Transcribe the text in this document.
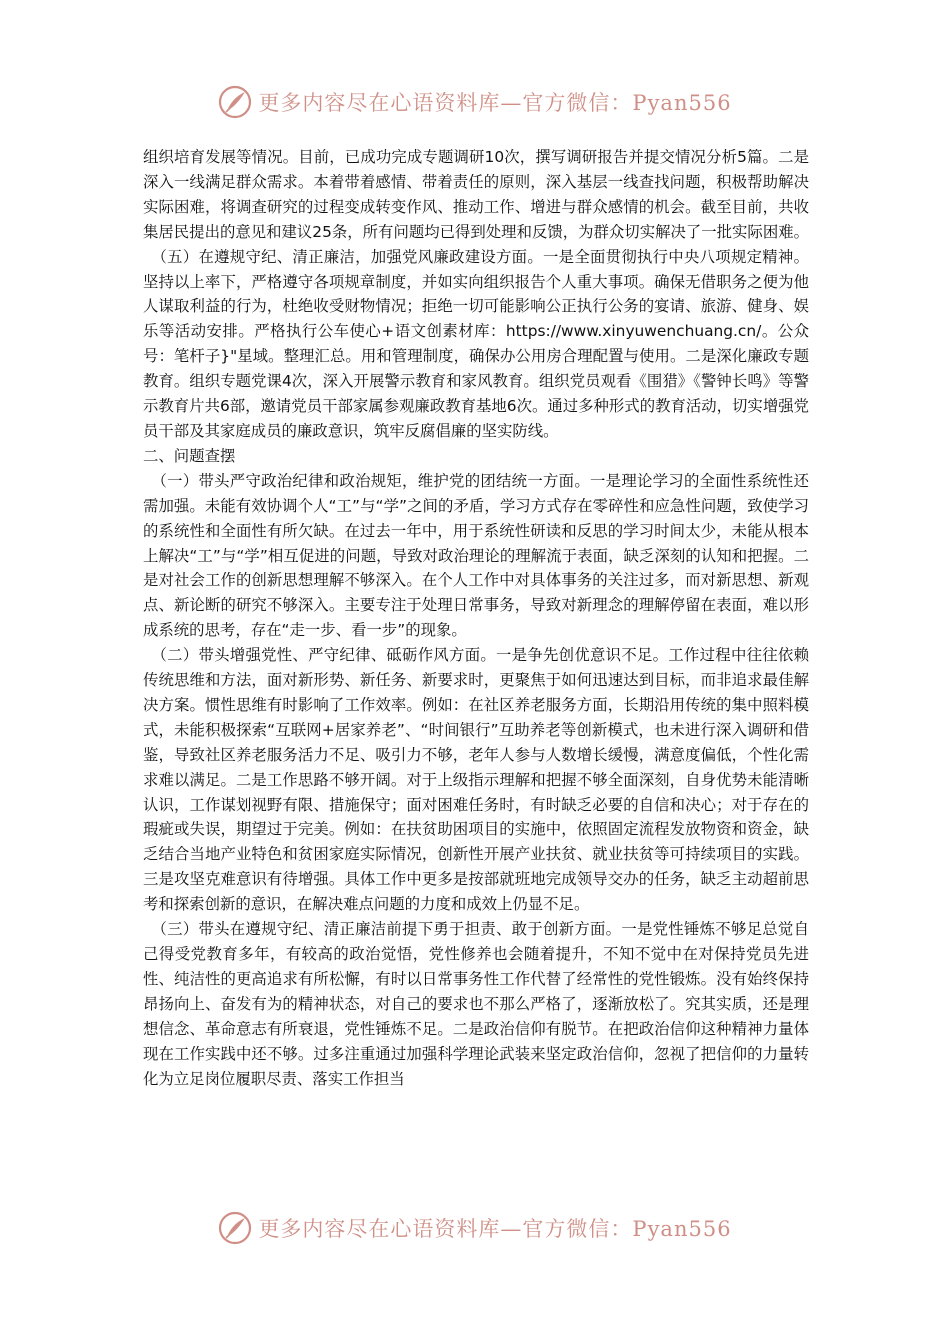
更多内容尽在心语资料库—官方微信：Pyan556

组织培育发展等情况。目前，已成功完成专题调研10次，撰写调研报告并提交情况分析5篇。二是深入一线满足群众需求。本着带着感情、带着责任的原则，深入基层一线查找问题，积极帮助解决实际困难，将调查研究的过程变成转变作风、推动工作、增进与群众感情的机会。截至目前，共收集居民提出的意见和建议25条，所有问题均已得到处理和反馈，为群众切实解决了一批实际困难。

（五）在遵规守纪、清正廉洁，加强党风廉政建设方面。一是全面贯彻执行中央八项规定精神。坚持以上率下，严格遵守各项规章制度，并如实向组织报告个人重大事项。确保无借职务之便为他人谋取利益的行为，杜绝收受财物情况；拒绝一切可能影响公正执行公务的宴请、旅游、健身、娱乐等活动安排。严格执行公车使心+语文创素材库：https://www.xinyuwenchuang.cn/。公众号：笔杆子}"星域。整理汇总。用和管理制度，确保办公用房合理配置与使用。二是深化廉政专题教育。组织专题党课4次，深入开展警示教育和家风教育。组织党员观看《围猎》《警钟长鸣》等警示教育片共6部，邀请党员干部家属参观廉政教育基地6次。通过多种形式的教育活动，切实增强党员干部及其家庭成员的廉政意识，筑牢反腐倡廉的坚实防线。

二、问题查摆

（一）带头严守政治纪律和政治规矩，维护党的团结统一方面。一是理论学习的全面性系统性还需加强。未能有效协调个人“工”与“学”之间的矛盾，学习方式存在零碎性和应急性问题，致使学习的系统性和全面性有所欠缺。在过去一年中，用于系统性研读和反思的学习时间太少，未能从根本上解决“工”与“学”相互促进的问题，导致对政治理论的理解流于表面，缺乏深刻的认知和把握。二是对社会工作的创新思想理解不够深入。在个人工作中对具体事务的关注过多，而对新思想、新观点、新论断的研究不够深入。主要专注于处理日常事务，导致对新理念的理解停留在表面，难以形成系统的思考，存在“走一步、看一步”的现象。

（二）带头增强党性、严守纪律、砥砺作风方面。一是争先创优意识不足。工作过程中往往依赖传统思维和方法，面对新形势、新任务、新要求时，更聚焦于如何迅速达到目标，而非追求最佳解决方案。惯性思维有时影响了工作效率。例如：在社区养老服务方面，长期沿用传统的集中照料模式，未能积极探索“互联网+居家养老”、“时间银行”互助养老等创新模式，也未进行深入调研和借鉴，导致社区养老服务活力不足、吸引力不够，老年人参与人数增长缓慢，满意度偏低，个性化需求难以满足。二是工作思路不够开阔。对于上级指示理解和把握不够全面深刻，自身优势未能清晰认识，工作谋划视野有限、措施保守；面对困难任务时，有时缺乏必要的自信和决心；对于存在的瑕疵或失误，期望过于完美。例如：在扶贫助困项目的实施中，依照固定流程发放物资和资金，缺乏结合当地产业特色和贫困家庭实际情况，创新性开展产业扶贫、就业扶贫等可持续项目的实践。三是攻坚克难意识有待增强。具体工作中更多是按部就班地完成领导交办的任务，缺乏主动超前思考和探索创新的意识，在解决难点问题的力度和成效上仍显不足。

（三）带头在遵规守纪、清正廉洁前提下勇于担责、敢于创新方面。一是党性锤炼不够足总觉自己得受党教育多年，有较高的政治觉悟，党性修养也会随着提升，不知不觉中在对保持党员先进性、纯洁性的更高追求有所松懈，有时以日常事务性工作代替了经常性的党性锻炼。没有始终保持昂扬向上、奋发有为的精神状态，对自己的要求也不那么严格了，逐渐放松了。究其实质，还是理想信念、革命意志有所衰退，党性锤炼不足。二是政治信仰有脱节。在把政治信仰这种精神力量体现在工作实践中还不够。过多注重通过加强科学理论武装来坚定政治信仰，忽视了把信仰的力量转化为立足岗位履职尽责、落实工作担当

更多内容尽在心语资料库—官方微信：Pyan556
